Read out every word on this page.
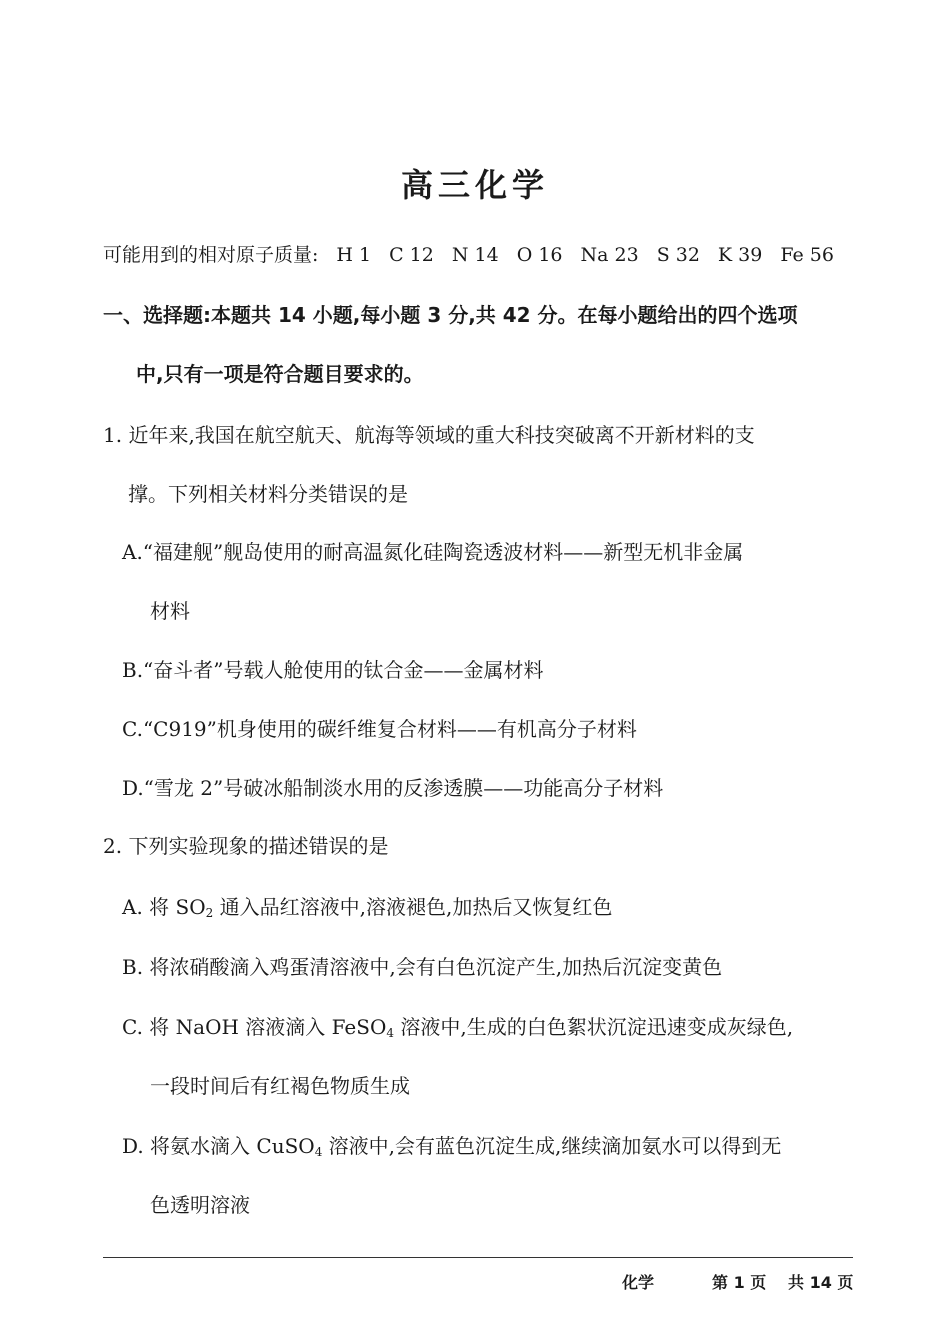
高三化学
可能用到的相对原子质量: H 1 C 12 N 14 O 16 Na 23 S 32 K 39 Fe 56
一、选择题:本题共 14 小题,每小题 3 分,共 42 分。在每小题给出的四个选项
中,只有一项是符合题目要求的。
1. 近年来,我国在航空航天、航海等领域的重大科技突破离不开新材料的支
撑。下列相关材料分类错误的是
A.“福建舰”舰岛使用的耐高温氮化硅陶瓷透波材料——新型无机非金属
材料
B.“奋斗者”号载人舱使用的钛合金——金属材料
C.“C919”机身使用的碳纤维复合材料——有机高分子材料
D.“雪龙 2”号破冰船制淡水用的反渗透膜——功能高分子材料
2. 下列实验现象的描述错误的是
A. 将 $SO_2$ 通入品红溶液中,溶液褪色,加热后又恢复红色
B. 将浓硝酸滴入鸡蛋清溶液中,会有白色沉淀产生,加热后沉淀变黄色
C. 将 NaOH 溶液滴入 FeSO$_4$ 溶液中,生成的白色絮状沉淀迅速变成灰绿色,
一段时间后有红褐色物质生成
D. 将氨水滴入 CuSO$_4$ 溶液中,会有蓝色沉淀生成,继续滴加氨水可以得到无
色透明溶液
化学	第 1 页 共 14 页
